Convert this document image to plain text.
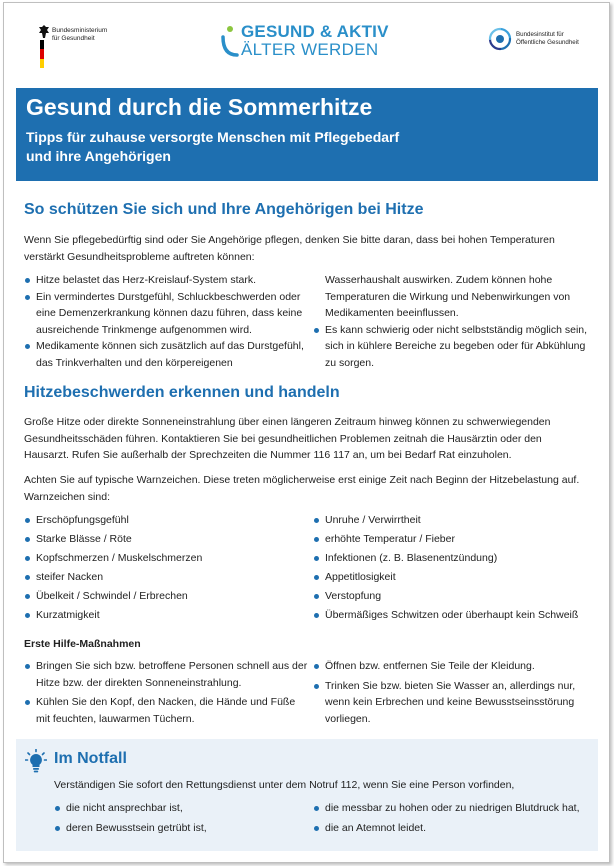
Bundesministerium
für Gesundheit	GESUND & AKTIV
ÄLTER WERDEN
Bundesinstitut für
Öffentliche Gesundheit
Gesund durch die Sommerhitze
Tipps für zuhause versorgte Menschen mit Pflegebedarf
und ihre Angehörigen
So schützen Sie sich und Ihre Angehörigen bei Hitze
Wenn Sie pflegebedürftig sind oder Sie Angehörige pflegen, denken Sie bitte daran, dass bei hohen Temperaturen verstärkt Gesundheitsprobleme auftreten können:
Hitze belastet das Herz-Kreislauf-System stark.
Ein vermindertes Durstgefühl, Schluckbeschwerden oder eine Demenzerkrankung können dazu führen, dass keine ausreichende Trinkmenge aufgenommen wird.
Medikamente können sich zusätzlich auf das Durstgefühl, das Trinkverhalten und den körpereigenen
Wasserhaushalt auswirken. Zudem können hohe Temperaturen die Wirkung und Nebenwirkungen von Medikamenten beeinflussen.
Es kann schwierig oder nicht selbstständig möglich sein, sich in kühlere Bereiche zu begeben oder für Abkühlung zu sorgen.
Hitzebeschwerden erkennen und handeln
Große Hitze oder direkte Sonneneinstrahlung über einen längeren Zeitraum hinweg können zu schwerwiegenden Gesundheitsschäden führen. Kontaktieren Sie bei gesundheitlichen Problemen zeitnah die Hausärztin oder den Hausarzt. Rufen Sie außerhalb der Sprechzeiten die Nummer 116 117 an, um bei Bedarf Rat einzuholen.
Achten Sie auf typische Warnzeichen. Diese treten möglicherweise erst einige Zeit nach Beginn der Hitzebelastung auf. Warnzeichen sind:
Erschöpfungsgefühl
Starke Blässe / Röte
Kopfschmerzen / Muskelschmerzen
steifer Nacken
Übelkeit / Schwindel / Erbrechen
Kurzatmigkeit
Unruhe / Verwirrtheit
erhöhte Temperatur / Fieber
Infektionen (z. B. Blasenentzündung)
Appetitlosigkeit
Verstopfung
Übermäßiges Schwitzen oder überhaupt kein Schweiß
Erste Hilfe-Maßnahmen
Bringen Sie sich bzw. betroffene Personen schnell aus der Hitze bzw. der direkten Sonneneinstrahlung.
Kühlen Sie den Kopf, den Nacken, die Hände und Füße mit feuchten, lauwarmen Tüchern.
Öffnen bzw. entfernen Sie Teile der Kleidung.
Trinken Sie bzw. bieten Sie Wasser an, allerdings nur, wenn kein Erbrechen und keine Bewusstseinsstörung vorliegen.
Im Notfall
Verständigen Sie sofort den Rettungsdienst unter dem Notruf 112, wenn Sie eine Person vorfinden,
die nicht ansprechbar ist,
deren Bewusstsein getrübt ist,
die messbar zu hohen oder zu niedrigen Blutdruck hat,
die an Atemnot leidet.
